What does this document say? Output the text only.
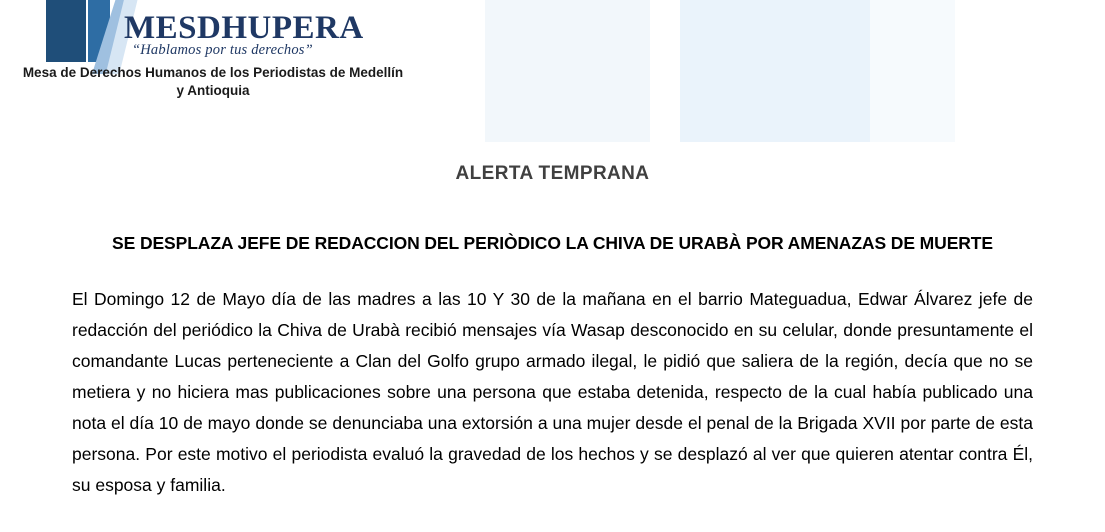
MESDHUPERA
“Hablamos por tus derechos”
Mesa de Derechos Humanos de los Periodistas de Medellín y Antioquia
ALERTA TEMPRANA
SE DESPLAZA JEFE DE REDACCION DEL PERIÒDICO LA CHIVA DE URABÀ POR AMENAZAS DE MUERTE
El Domingo 12 de Mayo día de las madres a las 10 Y 30 de la mañana en el barrio Mateguadua, Edwar Álvarez jefe de redacción del periódico la Chiva de Urabà recibió mensajes vía Wasap desconocido en su celular, donde presuntamente el comandante Lucas perteneciente a Clan del Golfo grupo armado ilegal, le pidió que saliera de la región, decía que no se metiera y no hiciera mas publicaciones sobre una persona que estaba detenida, respecto de la cual había publicado una nota el día 10 de mayo donde se denunciaba una extorsión a una mujer desde el penal de la Brigada XVII por parte de esta persona. Por este motivo el periodista evaluó la gravedad de los hechos y se desplazó al ver que quieren atentar contra Él, su esposa y familia.
